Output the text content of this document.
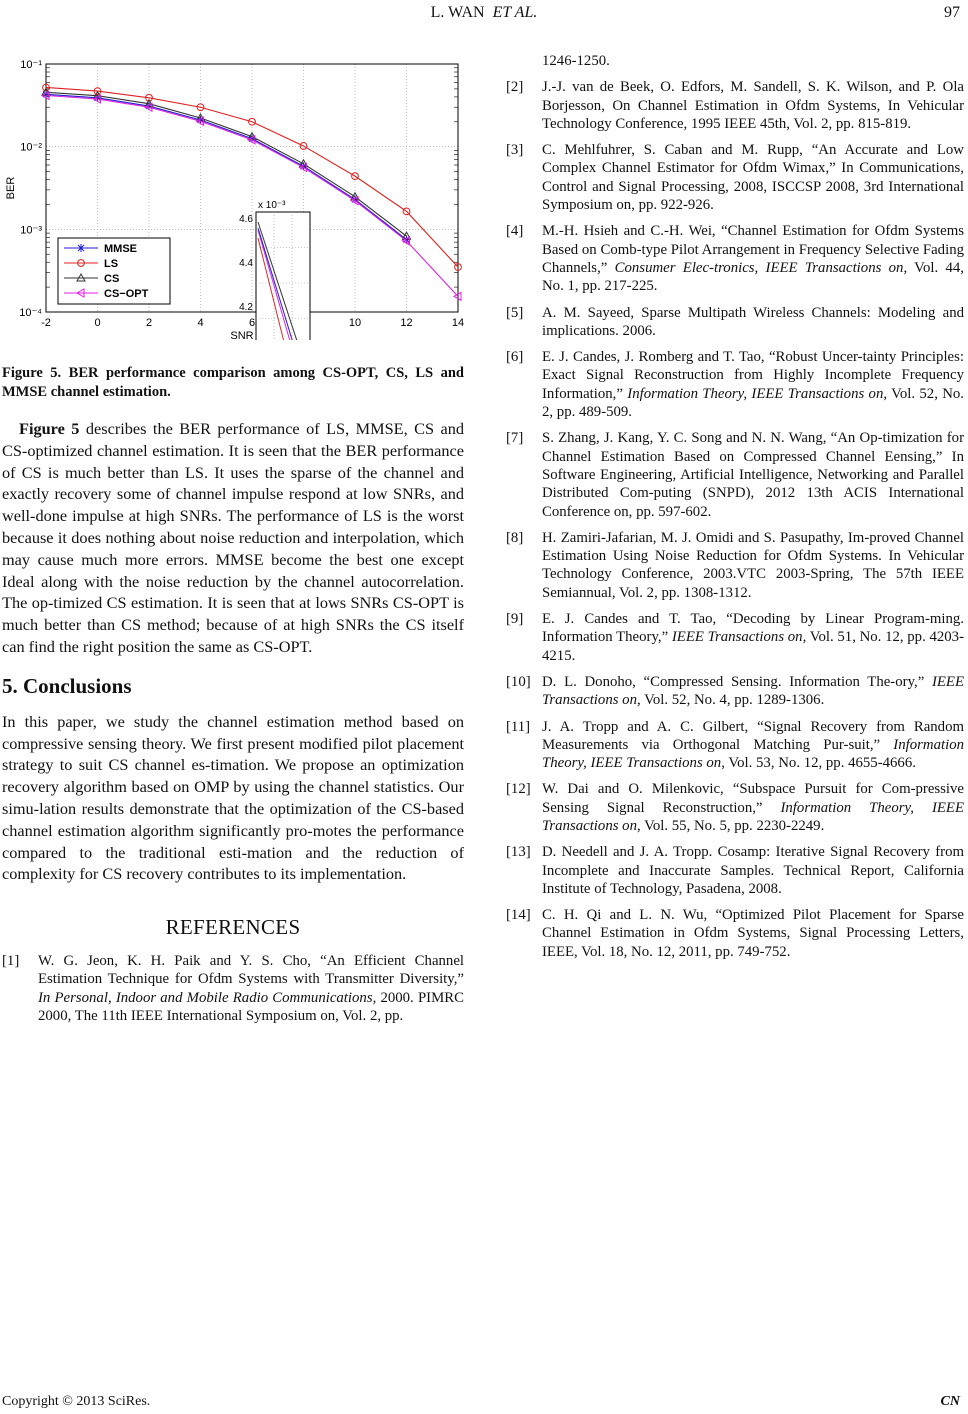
L. WAN ET AL.	97
-2	0	2	4	6	10	12	14
10⁻¹
10⁻²
10⁻³
10⁻⁴
SNR
BER
x 10⁻³
4.6
4.4
4.2
MMSE
LS
CS
CS−OPT
Figure 5. BER performance comparison among CS-OPT, CS, LS and MMSE channel estimation.
Figure 5 describes the BER performance of LS, MMSE, CS and CS-optimized channel estimation. It is seen that the BER performance of CS is much better than LS. It uses the sparse of the channel and exactly recovery some of channel impulse respond at low SNRs, and well-done impulse at high SNRs. The performance of LS is the worst because it does nothing about noise reduction and interpolation, which may cause much more errors. MMSE become the best one except Ideal along with the noise reduction by the channel autocorrelation. The op-timized CS estimation. It is seen that at lows SNRs CS-OPT is much better than CS method; because of at high SNRs the CS itself can find the right position the same as CS-OPT.
5. Conclusions
In this paper, we study the channel estimation method based on compressive sensing theory. We first present modified pilot placement strategy to suit CS channel es-timation. We propose an optimization recovery algorithm based on OMP by using the channel statistics. Our simu-lation results demonstrate that the optimization of the CS-based channel estimation algorithm significantly pro-motes the performance compared to the traditional esti-mation and the reduction of complexity for CS recovery contributes to its implementation.
REFERENCES
[1]	W. G. Jeon, K. H. Paik and Y. S. Cho, “An Efficient Channel Estimation Technique for Ofdm Systems with Transmitter Diversity,” In Personal, Indoor and Mobile Radio Communications, 2000. PIMRC 2000, The 11th IEEE International Symposium on, Vol. 2, pp.
1246-1250.
[2]	J.-J. van de Beek, O. Edfors, M. Sandell, S. K. Wilson, and P. Ola Borjesson, On Channel Estimation in Ofdm Systems, In Vehicular Technology Conference, 1995 IEEE 45th, Vol. 2, pp. 815-819.
[3]	C. Mehlfuhrer, S. Caban and M. Rupp, “An Accurate and Low Complex Channel Estimator for Ofdm Wimax,” In Communications, Control and Signal Processing, 2008, ISCCSP 2008, 3rd International Symposium on, pp. 922-926.
[4]	M.-H. Hsieh and C.-H. Wei, “Channel Estimation for Ofdm Systems Based on Comb-type Pilot Arrangement in Frequency Selective Fading Channels,” Consumer Elec-tronics, IEEE Transactions on, Vol. 44, No. 1, pp. 217-225.
[5]	A. M. Sayeed, Sparse Multipath Wireless Channels: Modeling and implications. 2006.
[6]	E. J. Candes, J. Romberg and T. Tao, “Robust Uncer-tainty Principles: Exact Signal Reconstruction from Highly Incomplete Frequency Information,” Information Theory, IEEE Transactions on, Vol. 52, No. 2, pp. 489-509.
[7]	S. Zhang, J. Kang, Y. C. Song and N. N. Wang, “An Op-timization for Channel Estimation Based on Compressed Channel Eensing,” In Software Engineering, Artificial Intelligence, Networking and Parallel Distributed Com-puting (SNPD), 2012 13th ACIS International Conference on, pp. 597-602.
[8]	H. Zamiri-Jafarian, M. J. Omidi and S. Pasupathy, Im-proved Channel Estimation Using Noise Reduction for Ofdm Systems. In Vehicular Technology Conference, 2003.VTC 2003-Spring, The 57th IEEE Semiannual, Vol. 2, pp. 1308-1312.
[9]	E. J. Candes and T. Tao, “Decoding by Linear Program-ming. Information Theory,” IEEE Transactions on, Vol. 51, No. 12, pp. 4203-4215.
[10] D. L. Donoho, “Compressed Sensing. Information The-ory,” IEEE Transactions on, Vol. 52, No. 4, pp. 1289-1306.
[11] J. A. Tropp and A. C. Gilbert, “Signal Recovery from Random Measurements via Orthogonal Matching Pur-suit,” Information Theory, IEEE Transactions on, Vol. 53, No. 12, pp. 4655-4666.
[12] W. Dai and O. Milenkovic, “Subspace Pursuit for Com-pressive Sensing Signal Reconstruction,” Information Theory, IEEE Transactions on, Vol. 55, No. 5, pp. 2230-2249.
[13] D. Needell and J. A. Tropp. Cosamp: Iterative Signal Recovery from Incomplete and Inaccurate Samples. Technical Report, California Institute of Technology, Pasadena, 2008.
[14] C. H. Qi and L. N. Wu, “Optimized Pilot Placement for Sparse Channel Estimation in Ofdm Systems, Signal Processing Letters, IEEE, Vol. 18, No. 12, 2011, pp. 749-752.
Copyright © 2013 SciRes.	CN
